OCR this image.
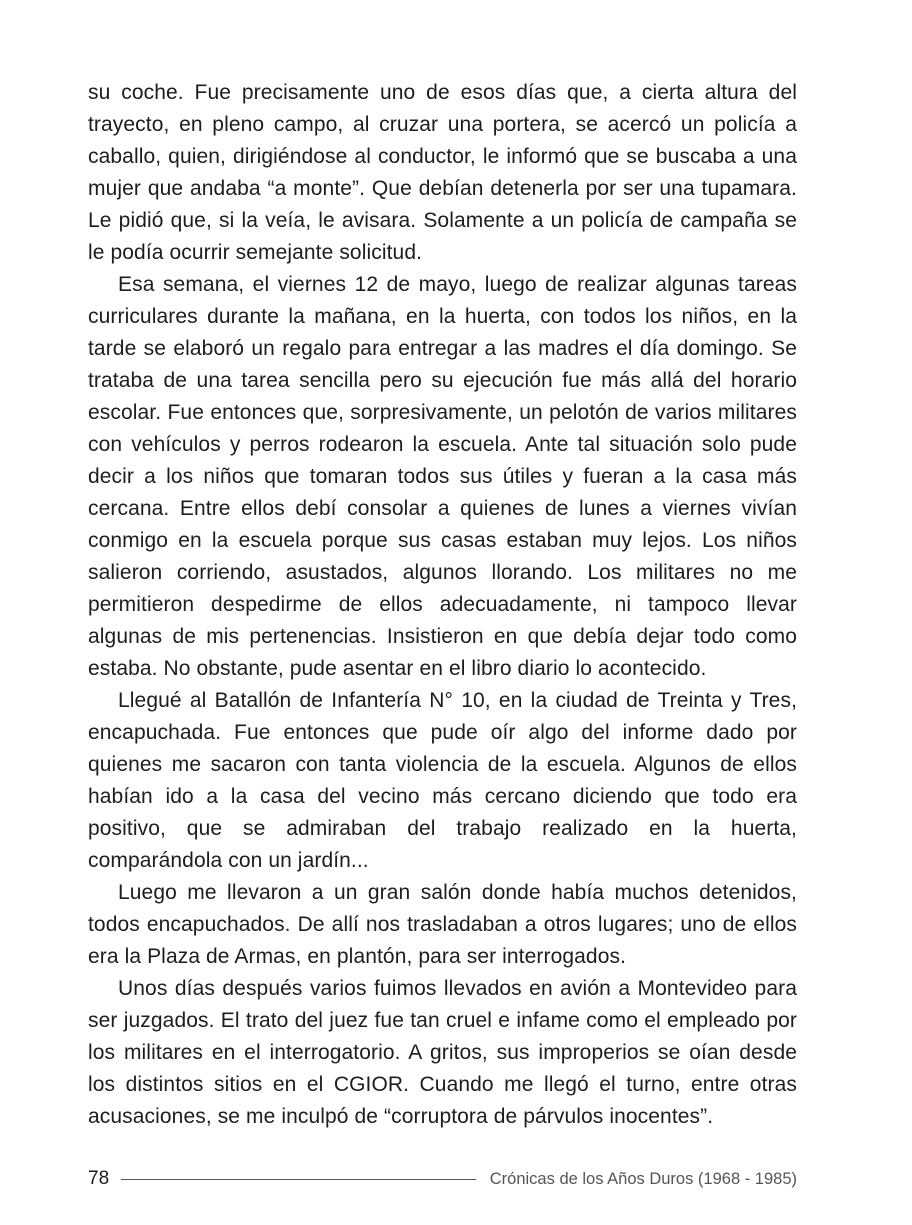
su coche. Fue precisamente uno de esos días que, a cierta altura del trayecto, en pleno campo, al cruzar una portera, se acercó un policía a caballo, quien, dirigiéndose al conductor, le informó que se buscaba a una mujer que andaba “a monte”. Que debían detenerla por ser una tupamara. Le pidió que, si la veía, le avisara. Solamente a un policía de campaña se le podía ocurrir semejante solicitud.

Esa semana, el viernes 12 de mayo, luego de realizar algunas tareas curriculares durante la mañana, en la huerta, con todos los niños, en la tarde se elaboró un regalo para entregar a las madres el día domingo. Se trataba de una tarea sencilla pero su ejecución fue más allá del horario escolar. Fue entonces que, sorpresivamente, un pelotón de varios militares con vehículos y perros rodearon la escuela. Ante tal situación solo pude decir a los niños que tomaran todos sus útiles y fueran a la casa más cercana. Entre ellos debí consolar a quienes de lunes a viernes vivían conmigo en la escuela porque sus casas estaban muy lejos. Los niños salieron corriendo, asustados, algunos llorando. Los militares no me permitieron despedirme de ellos adecuadamente, ni tampoco llevar algunas de mis pertenencias. Insistieron en que debía dejar todo como estaba. No obstante, pude asentar en el libro diario lo acontecido.

Llegué al Batallón de Infantería N° 10, en la ciudad de Treinta y Tres, encapuchada. Fue entonces que pude oír algo del informe dado por quienes me sacaron con tanta violencia de la escuela. Algunos de ellos habían ido a la casa del vecino más cercano diciendo que todo era positivo, que se admiraban del trabajo realizado en la huerta, comparándola con un jardín...

Luego me llevaron a un gran salón donde había muchos detenidos, todos encapuchados. De allí nos trasladaban a otros lugares; uno de ellos era la Plaza de Armas, en plantón, para ser interrogados.

Unos días después varios fuimos llevados en avión a Montevideo para ser juzgados. El trato del juez fue tan cruel e infame como el empleado por los militares en el interrogatorio. A gritos, sus improperios se oían desde los distintos sitios en el CGIOR. Cuando me llegó el turno, entre otras acusaciones, se me inculpó de “corruptora de párvulos inocentes”.

78	Crónicas de los Años Duros (1968 - 1985)
